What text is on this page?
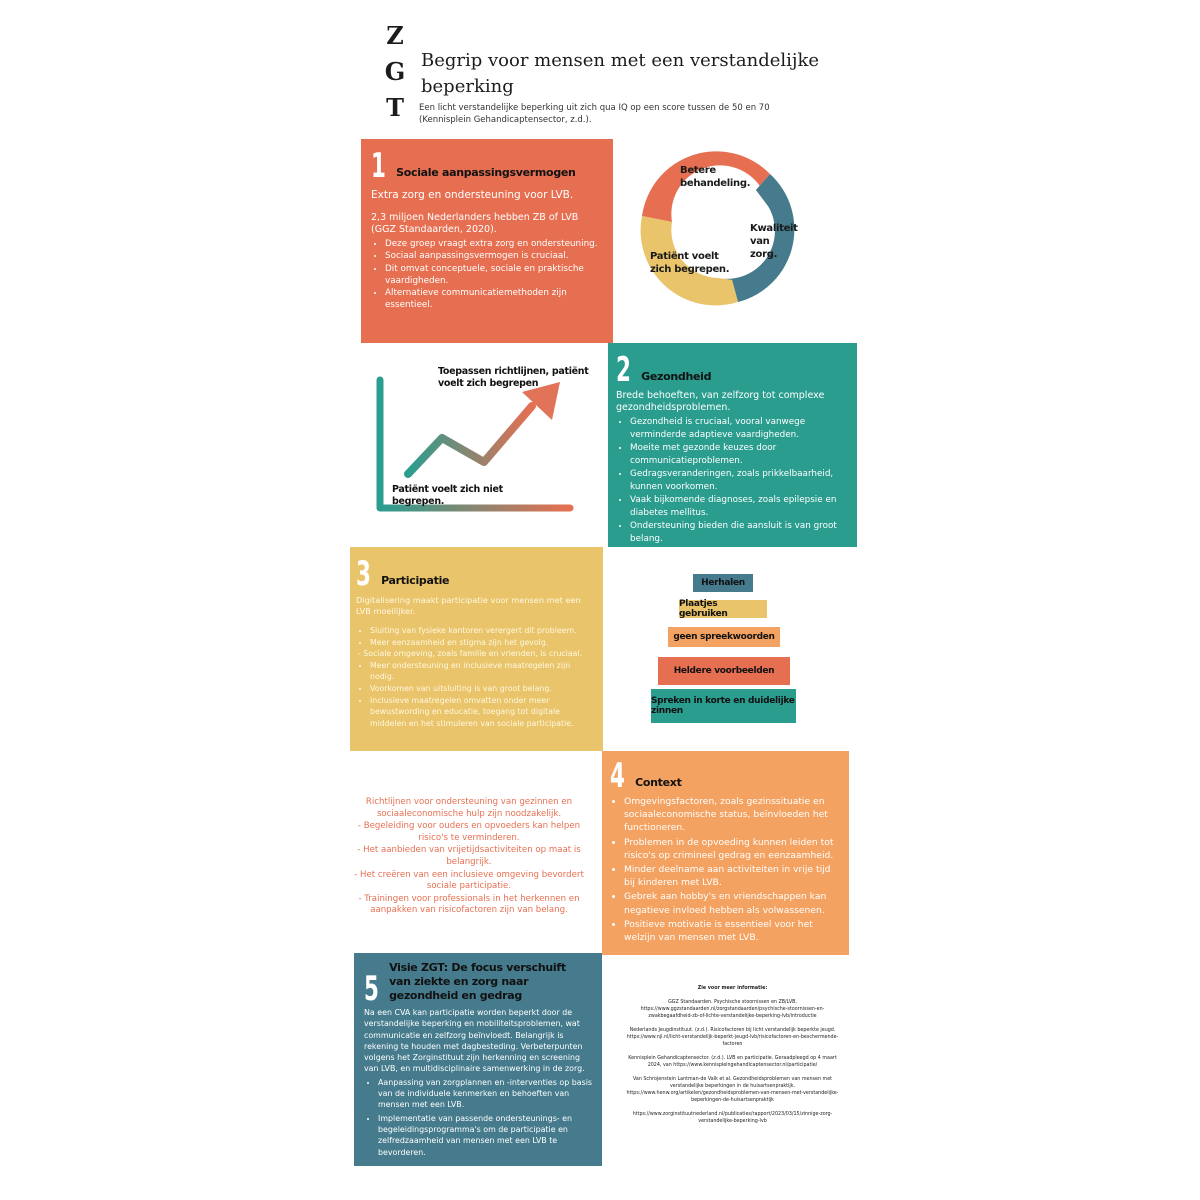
Z
G
T
Begrip voor mensen met een verstandelijke beperking
Een licht verstandelijke beperking uit zich qua IQ op een score tussen de 50 en 70 (Kennisplein Gehandicaptensector, z.d.).
1 Sociale aanpassingsvermogen
Extra zorg en ondersteuning voor LVB.
2,3 miljoen Nederlanders hebben ZB of LVB (GGZ Standaarden, 2020).
• Deze groep vraagt extra zorg en ondersteuning.
• Sociaal aanpassingsvermogen is cruciaal.
• Dit omvat conceptuele, sociale en praktische vaardigheden.
• Alternatieve communicatiemethoden zijn essentieel.
Betere behandeling.
Kwaliteit van zorg.
Patiënt voelt zich begrepen.
Toepassen richtlijnen, patiënt voelt zich begrepen
Patiënt voelt zich niet begrepen.
2 Gezondheid
Brede behoeften, van zelfzorg tot complexe gezondheidsproblemen.
• Gezondheid is cruciaal, vooral vanwege verminderde adaptieve vaardigheden.
• Moeite met gezonde keuzes door communicatieproblemen.
• Gedragsveranderingen, zoals prikkelbaarheid, kunnen voorkomen.
• Vaak bijkomende diagnoses, zoals epilepsie en diabetes mellitus.
• Ondersteuning bieden die aansluit is van groot belang.
3 Participatie
Digitalisering maakt participatie voor mensen met een LVB moeilijker.
• Sluiting van fysieke kantoren verergert dit probleem.
• Meer eenzaamheid en stigma zijn het gevolg.
- Sociale omgeving, zoals familie en vrienden, is cruciaal.
• Meer ondersteuning en inclusieve maatregelen zijn nodig.
• Voorkomen van uitsluiting is van groot belang.
• Inclusieve maatregelen omvatten onder meer bewustwording en educatie, toegang tot digitale middelen en het stimuleren van sociale participatie.
Herhalen
Plaatjes gebruiken
geen spreekwoorden
Heldere voorbeelden
Spreken in korte en duidelijke zinnen
Richtlijnen voor ondersteuning van gezinnen en sociaaleconomische hulp zijn noodzakelijk.
- Begeleiding voor ouders en opvoeders kan helpen risico's te verminderen.
- Het aanbieden van vrijetijdsactiviteiten op maat is belangrijk.
- Het creëren van een inclusieve omgeving bevordert sociale participatie.
- Trainingen voor professionals in het herkennen en aanpakken van risicofactoren zijn van belang.
4 Context
• Omgevingsfactoren, zoals gezinssituatie en sociaaleconomische status, beïnvloeden het functioneren.
• Problemen in de opvoeding kunnen leiden tot risico's op crimineel gedrag en eenzaamheid.
• Minder deelname aan activiteiten in vrije tijd bij kinderen met LVB.
• Gebrek aan hobby's en vriendschappen kan negatieve invloed hebben als volwassenen.
• Positieve motivatie is essentieel voor het welzijn van mensen met LVB.
5 Visie ZGT: De focus verschuift van ziekte en zorg naar gezondheid en gedrag
Na een CVA kan participatie worden beperkt door de verstandelijke beperking en mobiliteitsproblemen, wat communicatie en zelfzorg beïnvloedt. Belangrijk is rekening te houden met dagbesteding. Verbeterpunten volgens het Zorginstituut zijn herkenning en screening van LVB, en multidisciplinaire samenwerking in de zorg.
• Aanpassing van zorgplannen en -interventies op basis van de individuele kenmerken en behoeften van mensen met een LVB.
• Implementatie van passende ondersteunings- en begeleidingsprogramma's om de participatie en zelfredzaamheid van mensen met een LVB te bevorderen.
Zie voor meer informatie:
GGZ Standaarden. Psychische stoornissen en ZB/LVB. https://www.ggzstandaarden.nl/zorgstandaarden/psychische-stoornissen-en-zwakbegaafdheid-zb-of-lichte-verstandelijke-beperking-lvb/introductie
Nederlands Jeugdinstituut. (z.d.). Risicofactoren bij licht verstandelijk beperkte jeugd. https://www.nji.nl/licht-verstandelijk-beperkt-jeugd-lvb/risicofactoren-en-beschermende-factoren
Kennisplein Gehandicaptensector. (z.d.). LVB en participatie. Geraadpleegd op 4 maart 2024, van https://www.kennispleingehandicaptensector.nl/participatie/
Van Schrojenstein Lantman-de Valk et al. Gezondheidsproblemen van mensen met verstandelijke beperkingen in de huisartsenpraktijk. https://www.henw.org/artikelen/gezondheidsproblemen-van-mensen-met-verstandelijke-beperkingen-de-huisartsenpraktijk
https://www.zorginstituutnederland.nl/publicaties/rapport/2023/03/15/zinnige-zorg-verstandelijke-beperking-lvb
